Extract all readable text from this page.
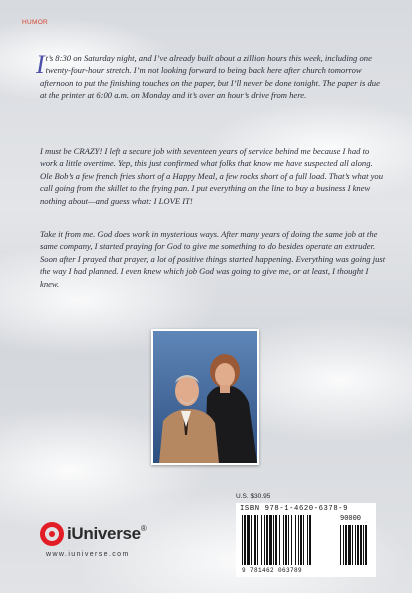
HUMOR

It’s 8:30 on Saturday night, and I’ve already built about a zillion hours this week, including one twenty-four-hour stretch. I’m not looking forward to being back here after church tomorrow afternoon to put the finishing touches on the paper, but I’ll never be done tonight. The paper is due at the printer at 6:00 a.m. on Monday and it’s over an hour’s drive from here.

I must be CRAZY! I left a secure job with seventeen years of service behind me because I had to work a little overtime. Yep, this just confirmed what folks that know me have suspected all along. Ole Bob’s a few french fries short of a Happy Meal, a few rocks short of a full load. That’s what you call going from the skillet to the frying pan. I put everything on the line to buy a business I knew nothing about—and guess what: I LOVE IT!

Take it from me. God does work in mysterious ways. After many years of doing the same job at the same company, I started praying for God to give me something to do besides operate an extruder. Soon after I prayed that prayer, a lot of positive things started happening. Everything was going just the way I had planned. I even knew which job God was going to give me, or at least, I thought I knew.

U.S. $30.95
ISBN 978-1-4620-6378-9
90000
9 781462 063789
iUniverse®
www.iuniverse.com
